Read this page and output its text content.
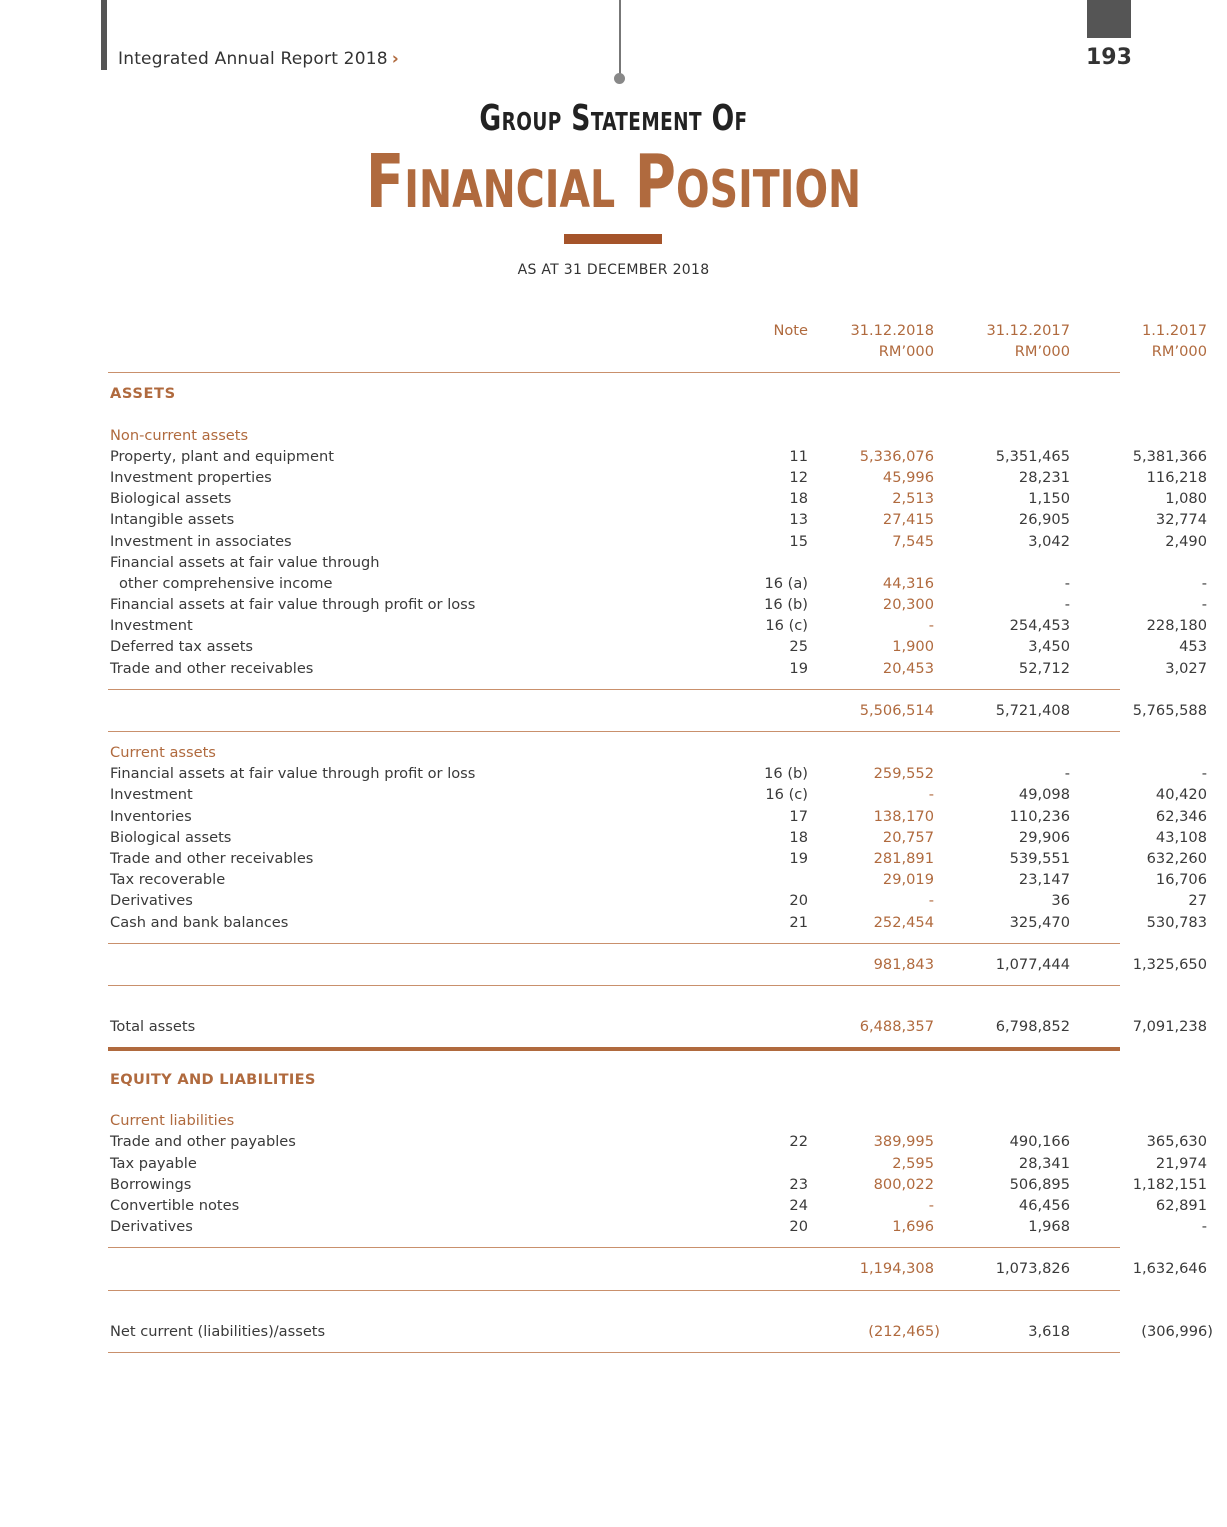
Integrated Annual Report 2018 ›	193
Group Statement Of
Financial Position
AS AT 31 DECEMBER 2018
Note	31.12.2018	31.12.2017	1.1.2017
RM’000	RM’000	RM’000
ASSETS
Non-current assets
Property, plant and equipment	11	5,336,076	5,351,465	5,381,366
Investment properties	12	45,996	28,231	116,218
Biological assets	18	2,513	1,150	1,080
Intangible assets	13	27,415	26,905	32,774
Investment in associates	15	7,545	3,042	2,490
Financial assets at fair value through
other comprehensive income	16 (a)	44,316	-	-
Financial assets at fair value through profit or loss	16 (b)	20,300	-	-
Investment	16 (c)	-	254,453	228,180
Deferred tax assets	25	1,900	3,450	453
Trade and other receivables	19	20,453	52,712	3,027
5,506,514	5,721,408	5,765,588
Current assets
Financial assets at fair value through profit or loss	16 (b)	259,552	-	-
Investment	16 (c)	-	49,098	40,420
Inventories	17	138,170	110,236	62,346
Biological assets	18	20,757	29,906	43,108
Trade and other receivables	19	281,891	539,551	632,260
Tax recoverable	29,019	23,147	16,706
Derivatives	20	-	36	27
Cash and bank balances	21	252,454	325,470	530,783
981,843	1,077,444	1,325,650
Total assets	6,488,357	6,798,852	7,091,238
EQUITY AND LIABILITIES
Current liabilities
Trade and other payables	22	389,995	490,166	365,630
Tax payable	2,595	28,341	21,974
Borrowings	23	800,022	506,895	1,182,151
Convertible notes	24	-	46,456	62,891
Derivatives	20	1,696	1,968	-
1,194,308	1,073,826	1,632,646
Net current (liabilities)/assets	(212,465)	3,618	(306,996)
